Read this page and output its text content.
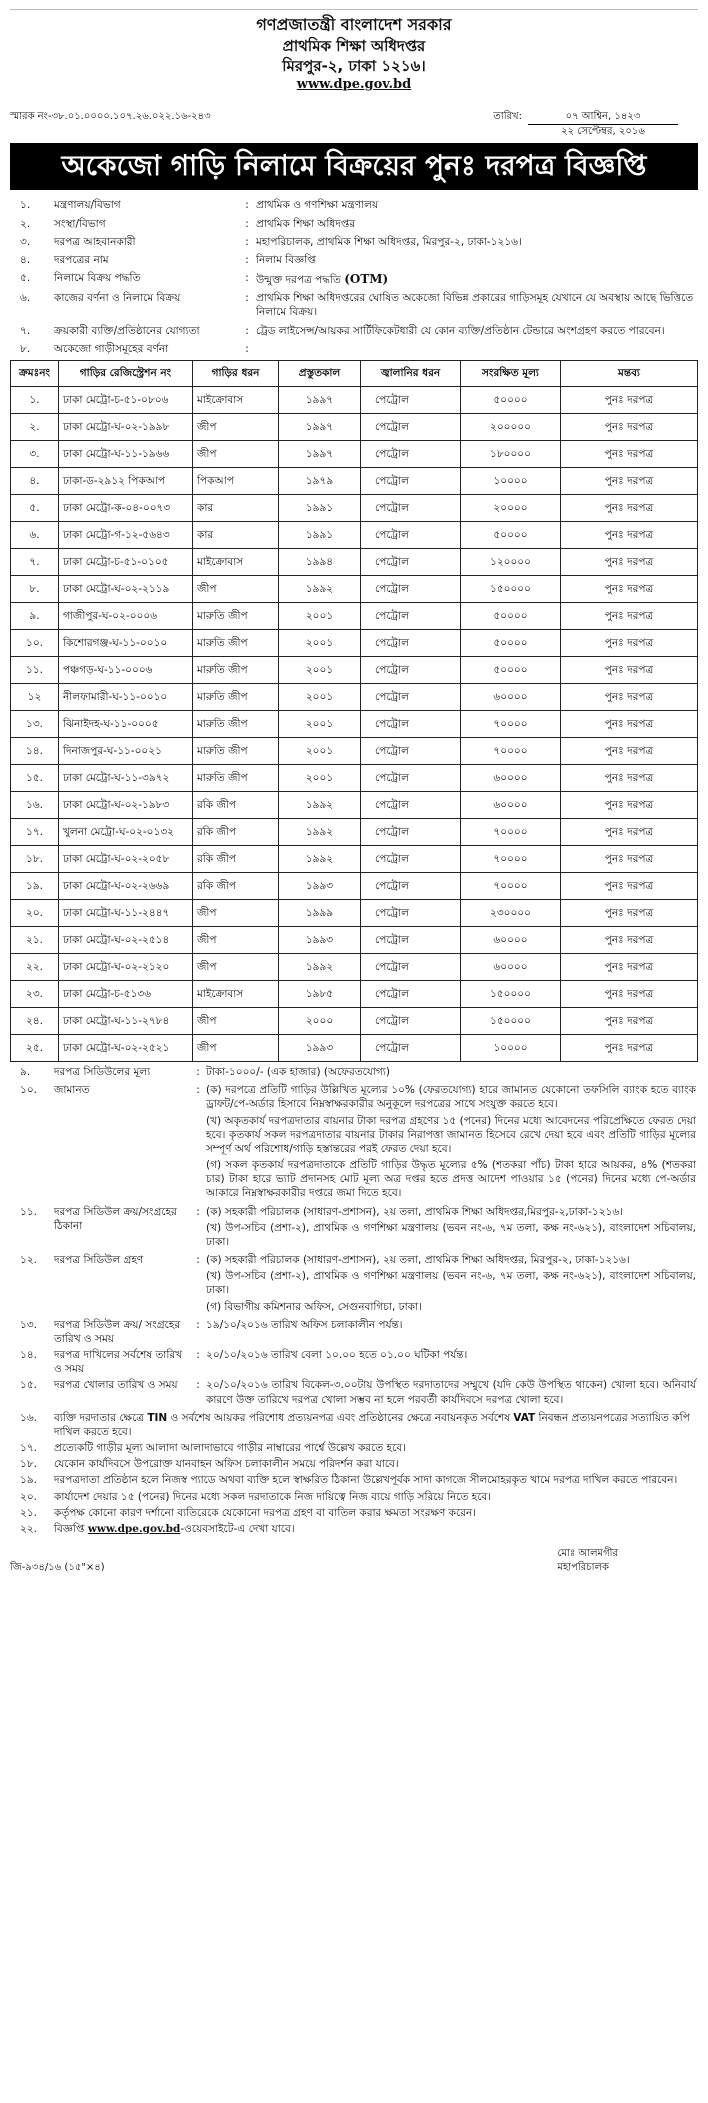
গণপ্রজাতন্ত্রী বাংলাদেশ সরকার
প্রাথমিক শিক্ষা অধিদপ্তর
মিরপুর-২, ঢাকা ১২১৬।
www.dpe.gov.bd
স্মারক নং-৩৮.০১.০০০০.১০৭.২৬.০২২.১৬-২৪৩	তারিখ:	০৭ আশ্বিন, ১৪২৩
২২ সেপ্টেম্বর, ২০১৬
অকেজো গাড়ি নিলামে বিক্রয়ের পুনঃ দরপত্র বিজ্ঞপ্তি
১.	মন্ত্রণালয়/বিভাগ	:	প্রাথমিক ও গণশিক্ষা মন্ত্রণালয়
২.	সংস্থা/বিভাগ	:	প্রাথমিক শিক্ষা অধিদপ্তর
৩.	দরপত্র আহবানকারী	:	মহাপরিচালক, প্রাথমিক শিক্ষা অধিদপ্তর, মিরপুর-২, ঢাকা-১২১৬।
৪.	দরপত্রের নাম	:	নিলাম বিজ্ঞপ্তি
৫.	নিলামে বিক্রয় পদ্ধতি	:	উন্মুক্ত দরপত্র পদ্ধতি (OTM)
৬.	কাজের বর্ণনা ও নিলামে বিক্রয়	:	প্রাথমিক শিক্ষা অধিদপ্তরের ঘোষিত অকেজো বিভিন্ন প্রকারের গাড়িসমূহ যেখানে যে অবস্থায় আছে ভিত্তিতে নিলামে বিক্রয়।
৭.	ক্রয়কারী ব্যক্তি/প্রতিষ্ঠানের যোগ্যতা	:	ট্রেড লাইসেন্স/আয়কর সার্টিফিকেটধারী যে কোন ব্যক্তি/প্রতিষ্ঠান টেন্ডারে অংশগ্রহণ করতে পারবেন।
৮.	অকেজো গাড়ীসমূহের বর্ণনা	:	
ক্রমঃনং	গাড়ির রেজিস্ট্রেশন নং	গাড়ির ধরন	প্রস্তুতকাল	জ্বালানির ধরন	সংরক্ষিত মূল্য	মন্তব্য
১.	ঢাকা মেট্রো-চ-৫১-০৮০৬	মাইক্রোবাস	১৯৯৭	পেট্রোল	৫০০০০	পুনঃ দরপত্র
২.	ঢাকা মেট্রো-ঘ-০২-১৯৯৮	জীপ	১৯৯৭	পেট্রোল	২০০০০০	পুনঃ দরপত্র
৩.	ঢাকা মেট্রো-ঘ-১১-১৯৬৬	জীপ	১৯৯৭	পেট্রোল	১৮০০০০	পুনঃ দরপত্র
৪.	ঢাকা-ড-২৯১২ পিকআপ	পিকআপ	১৯৭৯	পেট্রোল	১০০০০	পুনঃ দরপত্র
৫.	ঢাকা মেট্রো-ক-০৪-০০৭৩	কার	১৯৯১	পেট্রোল	২০০০০	পুনঃ দরপত্র
৬.	ঢাকা মেট্রো-গ-১২-৫৬৪৩	কার	১৯৯১	পেট্রোল	৫০০০০	পুনঃ দরপত্র
৭.	ঢাকা মেট্রো-চ-৫১-০১০৫	মাইক্রোবাস	১৯৯৪	পেট্রোল	১২০০০০	পুনঃ দরপত্র
৮.	ঢাকা মেট্রো-ঘ-০২-২১১৯	জীপ	১৯৯২	পেট্রোল	১৫০০০০	পুনঃ দরপত্র
৯.	গাজীপুর-ঘ-০২-০০০৬	মারুতি জীপ	২০০১	পেট্রোল	৫০০০০	পুনঃ দরপত্র
১০.	কিশোরগঞ্জ-ঘ-১১-০০১০	মারুতি জীপ	২০০১	পেট্রোল	৫০০০০	পুনঃ দরপত্র
১১.	পঞ্চগড়-ঘ-১১-০০০৬	মারুতি জীপ	২০০১	পেট্রোল	৫০০০০	পুনঃ দরপত্র
১২	নীলফামারী-ঘ-১১-০০১০	মারুতি জীপ	২০০১	পেট্রোল	৬০০০০	পুনঃ দরপত্র
১৩.	ঝিনাইদহ-ঘ-১১-০০০৫	মারুতি জীপ	২০০১	পেট্রোল	৭০০০০	পুনঃ দরপত্র
১৪.	দিনাজপুর-ঘ-১১-০০২১	মারুতি জীপ	২০০১	পেট্রোল	৭০০০০	পুনঃ দরপত্র
১৫.	ঢাকা মেট্রো-ঘ-১১-৩৯৭২	মারুতি জীপ	২০০১	পেট্রোল	৬০০০০	পুনঃ দরপত্র
১৬.	ঢাকা মেট্রো-ঘ-০২-১৯৮৩	রকি জীপ	১৯৯২	পেট্রোল	৬০০০০	পুনঃ দরপত্র
১৭.	খুলনা মেট্রো-ঘ-০২-০১৩২	রকি জীপ	১৯৯২	পেট্রোল	৭০০০০	পুনঃ দরপত্র
১৮.	ঢাকা মেট্রো-ঘ-০২-২০৫৮	রকি জীপ	১৯৯২	পেট্রোল	৭০০০০	পুনঃ দরপত্র
১৯.	ঢাকা মেট্রো-ঘ-০২-২৬৬৯	রকি জীপ	১৯৯৩	পেট্রোল	৭০০০০	পুনঃ দরপত্র
২০.	ঢাকা মেট্রো-ঘ-১১-২৪৪৭	জীপ	১৯৯৯	পেট্রোল	২৩০০০০	পুনঃ দরপত্র
২১.	ঢাকা মেট্রো-ঘ-০২-২৫১৪	জীপ	১৯৯৩	পেট্রোল	৬০০০০	পুনঃ দরপত্র
২২.	ঢাকা মেট্রো-ঘ-০২-২১২০	জীপ	১৯৯২	পেট্রোল	৬০০০০	পুনঃ দরপত্র
২৩.	ঢাকা মেট্রো-চ-৫১৩৬	মাইক্রোবাস	১৯৮৫	পেট্রোল	১৫০০০০	পুনঃ দরপত্র
২৪.	ঢাকা মেট্রো-ঘ-১১-২৭৮৪	জীপ	২০০০	পেট্রোল	১৫০০০০	পুনঃ দরপত্র
২৫.	ঢাকা মেট্রো-ঘ-০২-২৫২১	জীপ	১৯৯৩	পেট্রোল	১০০০০	পুনঃ দরপত্র
৯.	দরপত্র সিডিউলের মূল্য	:	টাকা-১০০০/- (এক হাজার) (অফেরতযোগ্য)

১০.	জামানত	:	(ক) দরপত্রে প্রতিটি গাড়ির উল্লিখিত মূল্যের ১০% (ফেরতযোগ্য) হারে জামানত যেকোনো তফসিলি ব্যাংক হতে ব্যাংক ড্রাফট/পে-অর্ডার হিসাবে নিম্নস্বাক্ষরকারীর অনুকূলে দরপত্রের সাথে সংযুক্ত করতে হবে।
(খ) অকৃতকার্য দরপত্রদাতার বায়নার টাকা দরপত্র গ্রহণের ১৫ (পনের) দিনের মধ্যে আবেদনের পরিপ্রেক্ষিতে ফেরত দেয়া হবে। কৃতকার্য সকল দরপত্রদাতার বায়নার টাকার নিরাপত্তা জামানত হিসেবে রেখে দেয়া হবে এবং প্রতিটি গাড়ির মূল্যের সম্পূর্ণ অর্থ পরিশোধ/গাড়ি হস্তান্তরের পরই ফেরত দেয়া হবে।
(গ) সকল কৃতকার্য দরপত্রদাতাকে প্রতিটি গাড়ির উদ্ধৃত মূল্যের ৫% (শতকরা পাঁচ) টাকা হারে আয়কর, ৪% (শতকরা চার) টাকা হারে ভ্যাট প্রদানসহ মোট মূল্য অত্র দপ্তর হতে প্রদত্ত আদেশ পাওয়ার ১৫ (পনের) দিনের মধ্যে পে-অর্ডার আকারে নিম্নস্বাক্ষরকারীর দপ্তরে জমা দিতে হবে।

১১.	দরপত্র সিডিউল ক্রয়/সংগ্রহের ঠিকানা	:	(ক) সহকারী পরিচালক (সাধারণ-প্রশাসন), ২য় তলা, প্রাথমিক শিক্ষা অধিদপ্তর,মিরপুর-২,ঢাকা-১২১৬।
(খ) উপ-সচিব (প্রশা-২), প্রাথমিক ও গণশিক্ষা মন্ত্রণালয় (ভবন নং-৬, ৭ম তলা, কক্ষ নং-৬২১), বাংলাদেশ সচিবালয়, ঢাকা।

১২.	দরপত্র সিডিউল গ্রহণ	:	(ক) সহকারী পরিচালক (সাধারণ-প্রশাসন), ২য় তলা, প্রাথমিক শিক্ষা অধিদপ্তর, মিরপুর-২, ঢাকা-১২১৬।
(খ) উপ-সচিব (প্রশা-২), প্রাথমিক ও গণশিক্ষা মন্ত্রণালয় (ভবন নং-৬, ৭ম তলা, কক্ষ নং-৬২১), বাংলাদেশ সচিবালয়, ঢাকা।
(গ) বিভাগীয় কমিশনার অফিস, সেগুনবাগিচা, ঢাকা।

১৩.	দরপত্র সিডিউল ক্রয়/ সংগ্রহের তারিখ ও সময়	:	১৯/১০/২০১৬ তারিখ অফিস চলাকালীন পর্যন্ত।

১৪.	দরপত্র দাখিলের সর্বশেষ তারিখ ও সময়	:	২০/১০/২০১৬ তারিখ বেলা ১০.০০ হতে ০১.০০ ঘটিকা পর্যন্ত।

১৫.	দরপত্র খোলার তারিখ ও সময়	:	২০/১০/২০১৬ তারিখ বিকেল-৩.০০টায় উপস্থিত দরদাতাদের সম্মুখে (যদি কেউ উপস্থিত থাকেন) খোলা হবে। অনিবার্য কারণে উক্ত তারিখে দরপত্র খোলা সম্ভব না হলে পরবর্তী কার্যদিবসে দরপত্র খোলা হবে।

১৬.	ব্যক্তি দরদাতার ক্ষেত্রে TIN ও সর্বশেষ আয়কর পরিশোধ প্রত্যয়নপত্র এবং প্রতিষ্ঠানের ক্ষেত্রে নবায়নকৃত সর্বশেষ VAT নিবন্ধন প্রত্যয়নপত্রের সত্যায়িত কপি দাখিল করতে হবে।		
১৭.	প্রত্যেকটি গাড়ীর মূল্য আলাদা আলাদাভাবে গাড়ীর নাম্বারের পার্শ্বে উল্লেখ করতে হবে।		
১৮.	যেকোন কার্যদিবসে উপরোক্ত যানবাহন অফিস চলাকালীন সময়ে পরিদর্শন করা যাবে।		
১৯.	দরপত্রদাতা প্রতিষ্ঠান হলে নিজস্ব প্যাডে অথবা ব্যক্তি হলে স্বাক্ষরিত ঠিকানা উল্লেখপূর্বক সাদা কাগজে সীলমোহরকৃত খামে দরপত্র দাখিল করতে পারবেন।		
২০.	কার্যাদেশ দেয়ার ১৫ (পনের) দিনের মধ্যে সকল দরদাতাকে নিজ দায়িত্বে নিজ ব্যয়ে গাড়ি সরিয়ে নিতে হবে।		
২১.	কর্তৃপক্ষ কোনো কারণ দর্শানো ব্যতিরেকে যেকোনো দরপত্র গ্রহণ বা বাতিল করার ক্ষমতা সংরক্ষণ করেন।		
২২.	বিজ্ঞপ্তি www.dpe.gov.bd-ওয়েবসাইটে-এ দেখা যাবে।		
জি-৯৩৪/১৬ (১৫"×৪)
মোঃ আলমগীর
মহাপরিচালক
